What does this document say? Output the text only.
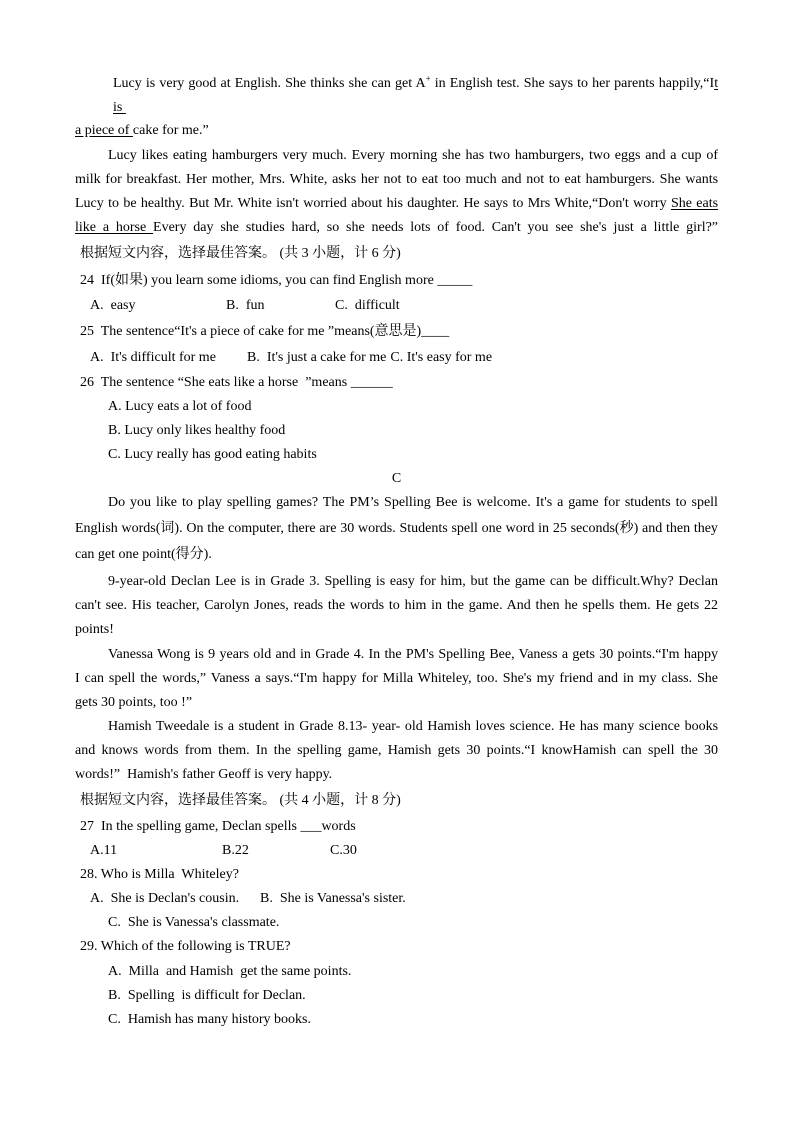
Lucy is very good at English. She thinks she can get A+ in English test. She says to her parents happily,“It
is
a piece of cake for me.”
Lucy likes eating hamburgers very much. Every morning she has two hamburgers, two eggs and a cup of
milk for breakfast. Her mother, Mrs. White, asks her not to eat too much and not to eat hamburgers. She wants
Lucy to be healthy. But Mr. White isn't worried about his daughter. He says to Mrs White,“Don't worry She eats
like a horse Every day she studies hard, so she needs lots of food. Can't you see she's just a little girl?”
根据短文内容，选择最佳答案。 (共 3 小题，计 6 分)
24  If(如果) you learn some idioms, you can find English more _____
A.  easy	B.  fun	C.  difficult
25  The sentence“It's a piece of cake for me ”means(意思是)____
A.  It's difficult for me B.  It's just a cake for me C. It's easy for me
26  The sentence “She eats like a horse  ”means ______
A. Lucy eats a lot of food
B. Lucy only likes healthy food
C. Lucy really has good eating habits
C
Do you like to play spelling games? The PM’s Spelling Bee is welcome. It's a game for students to spell
English words(词). On the computer, there are 30 words. Students spell one word in 25 seconds(秒) and then they
can get one point(得分).
9-year-old Declan Lee is in Grade 3. Spelling is easy for him, but the game can be difficult.Why? Declan
can't see. His teacher, Carolyn Jones, reads the words to him in the game. And then he spells them. He gets 22
points!
Vanessa Wong is 9 years old and in Grade 4. In the PM's Spelling Bee, Vaness a gets 30 points.“I'm happy
I can spell the words,” Vaness a says.“I'm happy for Milla Whiteley, too. She's my friend and in my class. She
gets 30 points, too !”
Hamish Tweedale is a student in Grade 8.13- year- old Hamish loves science. He has many science books
and knows words from them. In the spelling game, Hamish gets 30 points.“I knowHamish can spell the 30
words!”  Hamish's father Geoff is very happy.
根据短文内容，选择最佳答案。 (共 4 小题，计 8 分)
27  In the spelling game, Declan spells ___words
A.11	B.22	C.30
28. Who is Milla  Whiteley?
A.  She is Declan's cousin. B.  She is Vanessa's sister.
C.  She is Vanessa's classmate.
29. Which of the following is TRUE?
A.  Milla  and Hamish  get the same points.
B.  Spelling  is difficult for Declan.
C.  Hamish has many history books.
